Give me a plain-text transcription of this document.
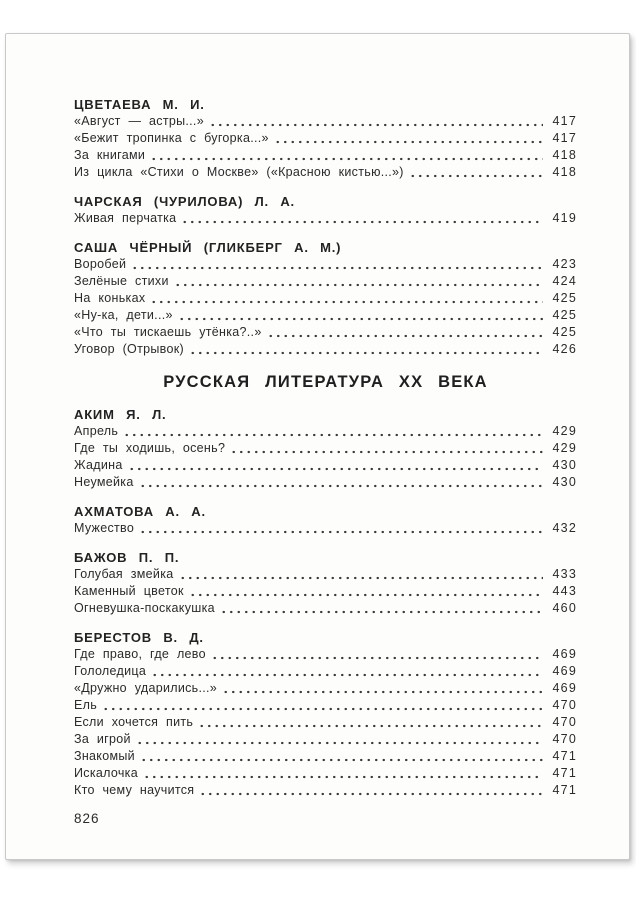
ЦВЕТАЕВА М. И.
«Август — астры...»	417
«Бежит тропинка с бугорка...»	417
За книгами	418
Из цикла «Стихи о Москве» («Красною кистью...»)	418
ЧАРСКАЯ (ЧУРИЛОВА) Л. А.
Живая перчатка	419
САША ЧЁРНЫЙ (ГЛИКБЕРГ А. М.)
Воробей	423
Зелёные стихи	424
На коньках	425
«Ну-ка, дети...»	425
«Что ты тискаешь утёнка?..»	425
Уговор (Отрывок)	426
РУССКАЯ ЛИТЕРАТУРА XX ВЕКА
АКИМ Я. Л.
Апрель	429
Где ты ходишь, осень?	429
Жадина	430
Неумейка	430
АХМАТОВА А. А.
Мужество	432
БАЖОВ П. П.
Голубая змейка	433
Каменный цветок	443
Огневушка-поскакушка	460
БЕРЕСТОВ В. Д.
Где право, где лево	469
Гололедица	469
«Дружно ударились...»	469
Ель	470
Если хочется пить	470
За игрой	470
Знакомый	471
Искалочка	471
Кто чему научится	471
826
